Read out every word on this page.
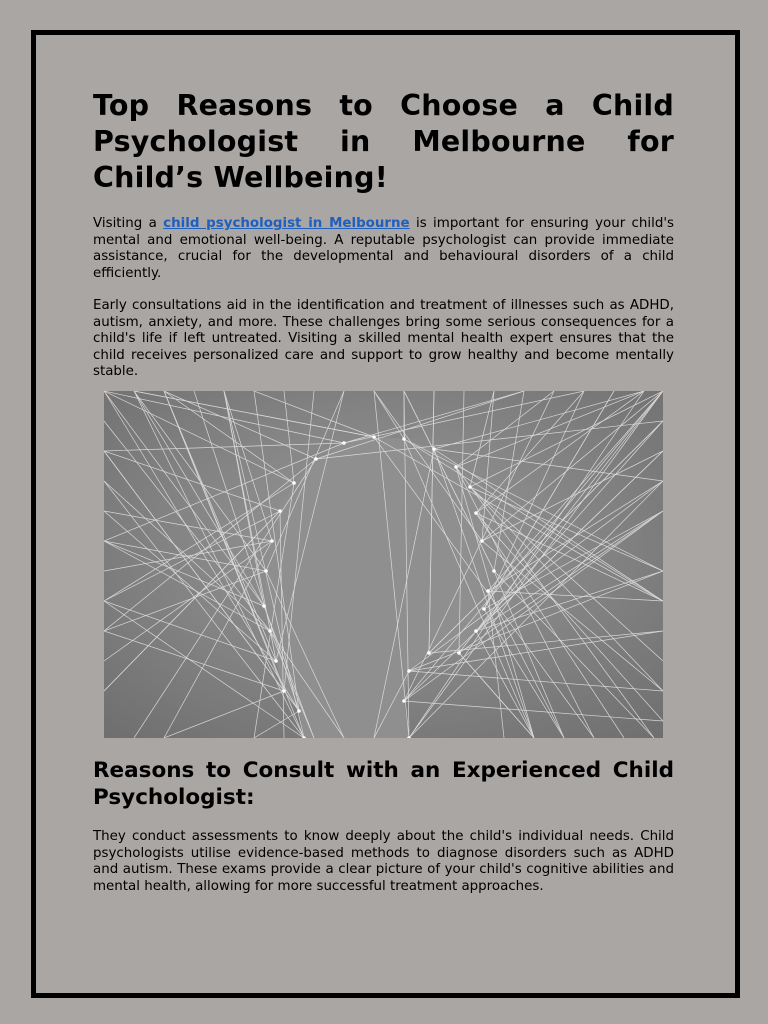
Top Reasons to Choose a Child Psychologist in Melbourne for Child’s Wellbeing!

Visiting a child psychologist in Melbourne is important for ensuring your child's mental and emotional well-being. A reputable psychologist can provide immediate assistance, crucial for the developmental and behavioural disorders of a child efficiently.

Early consultations aid in the identification and treatment of illnesses such as ADHD, autism, anxiety, and more. These challenges bring some serious consequences for a child's life if left untreated. Visiting a skilled mental health expert ensures that the child receives personalized care and support to grow healthy and become mentally stable.

Reasons to Consult with an Experienced Child Psychologist:

They conduct assessments to know deeply about the child's individual needs. Child psychologists utilise evidence-based methods to diagnose disorders such as ADHD and autism. These exams provide a clear picture of your child's cognitive abilities and mental health, allowing for more successful treatment approaches.
